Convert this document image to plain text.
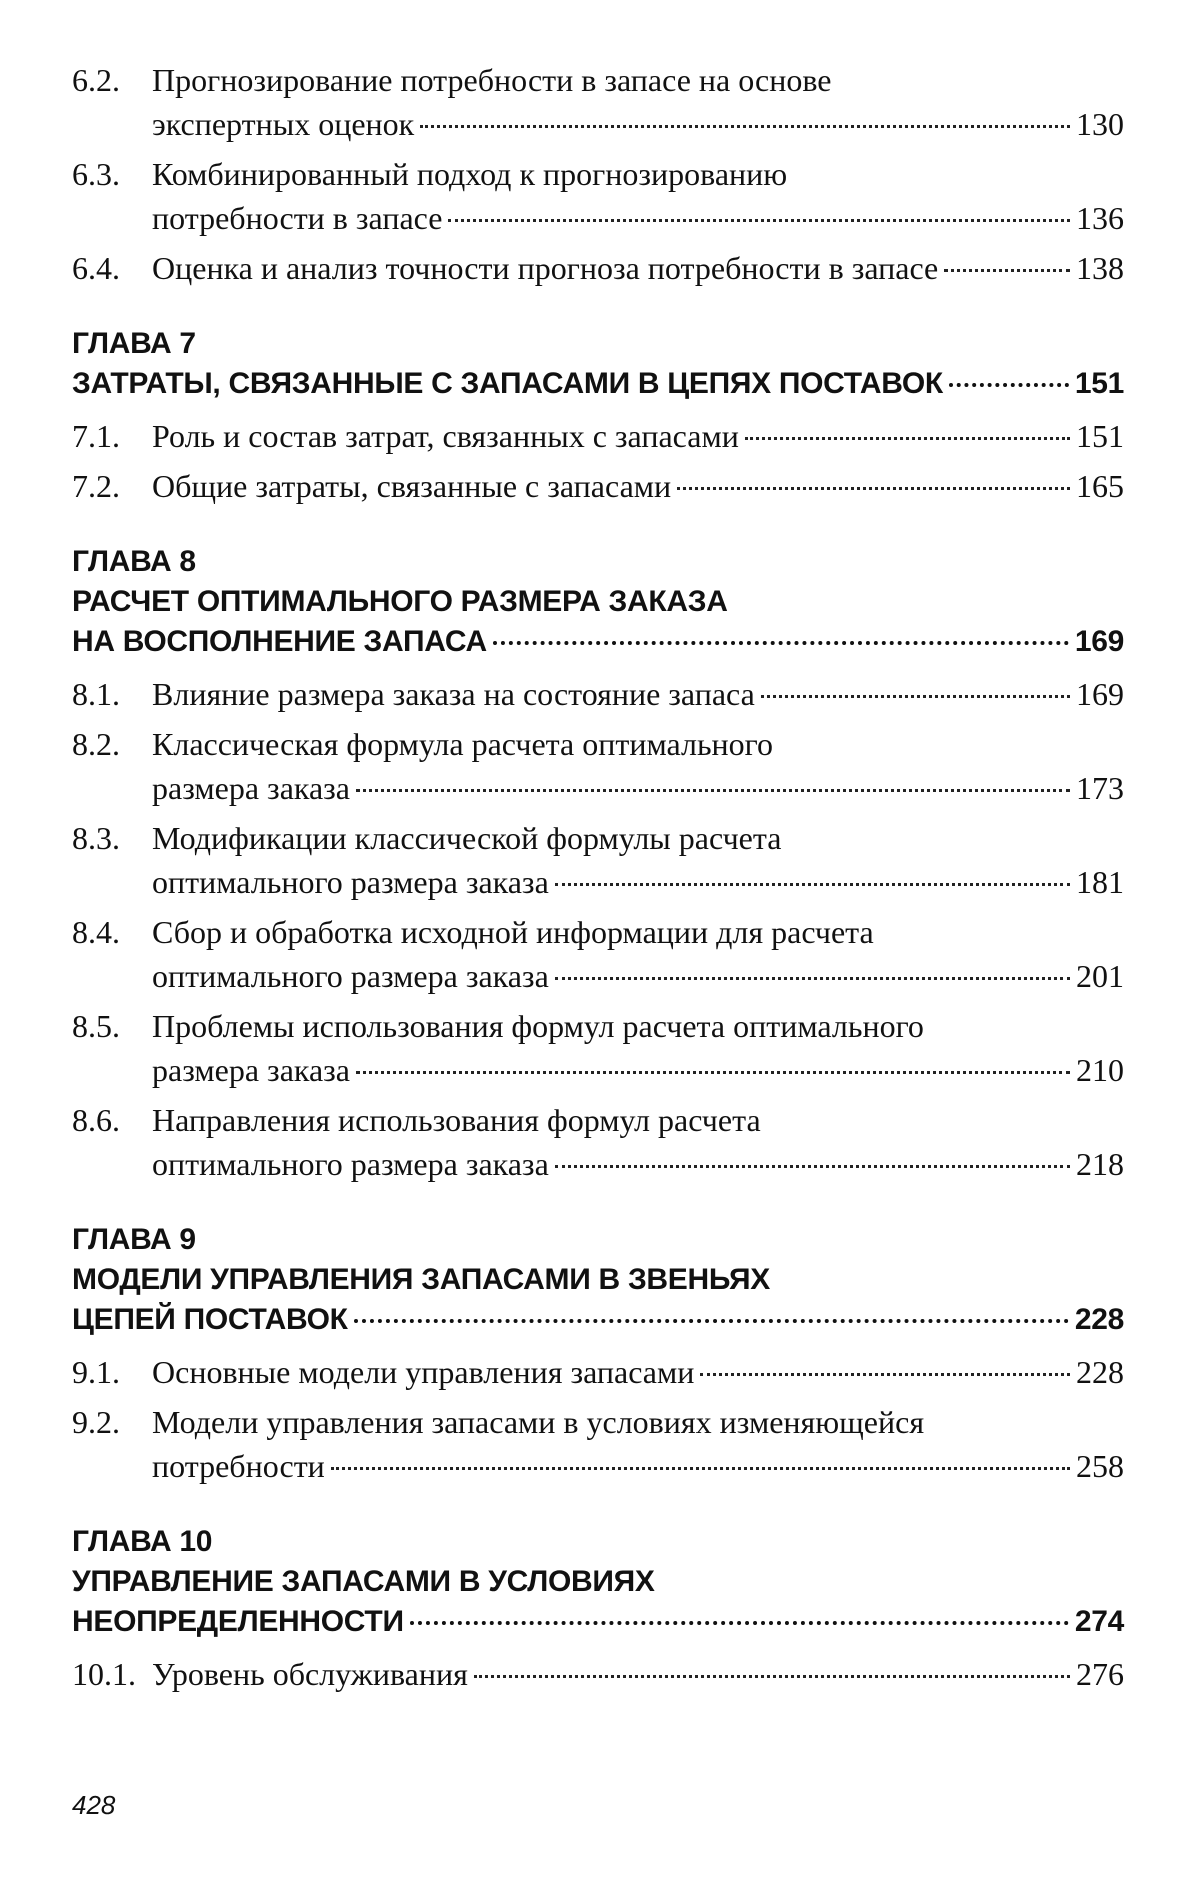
6.2.	Прогнозирование потребности в запасе на основе
экспертных оценок	130
6.3.	Комбинированный подход к прогнозированию
потребности в запасе	136
6.4.	Оценка и анализ точности прогноза потребности в запасе	138
ГЛАВА 7
ЗАТРАТЫ, СВЯЗАННЫЕ С ЗАПАСАМИ В ЦЕПЯХ ПОСТАВОК	151
7.1.	Роль и состав затрат, связанных с запасами	151
7.2.	Общие затраты, связанные с запасами	165
ГЛАВА 8
РАСЧЕТ ОПТИМАЛЬНОГО РАЗМЕРА ЗАКАЗА
НА ВОСПОЛНЕНИЕ ЗАПАСА	169
8.1.	Влияние размера заказа на состояние запаса	169
8.2.	Классическая формула расчета оптимального
размера заказа	173
8.3.	Модификации классической формулы расчета
оптимального размера заказа	181
8.4.	Сбор и обработка исходной информации для расчета
оптимального размера заказа	201
8.5.	Проблемы использования формул расчета оптимального
размера заказа	210
8.6.	Направления использования формул расчета
оптимального размера заказа	218
ГЛАВА 9
МОДЕЛИ УПРАВЛЕНИЯ ЗАПАСАМИ В ЗВЕНЬЯХ
ЦЕПЕЙ ПОСТАВОК	228
9.1.	Основные модели управления запасами	228
9.2.	Модели управления запасами в условиях изменяющейся
потребности	258
ГЛАВА 10
УПРАВЛЕНИЕ ЗАПАСАМИ В УСЛОВИЯХ
НЕОПРЕДЕЛЕННОСТИ	274
10.1. Уровень обслуживания	276
428
